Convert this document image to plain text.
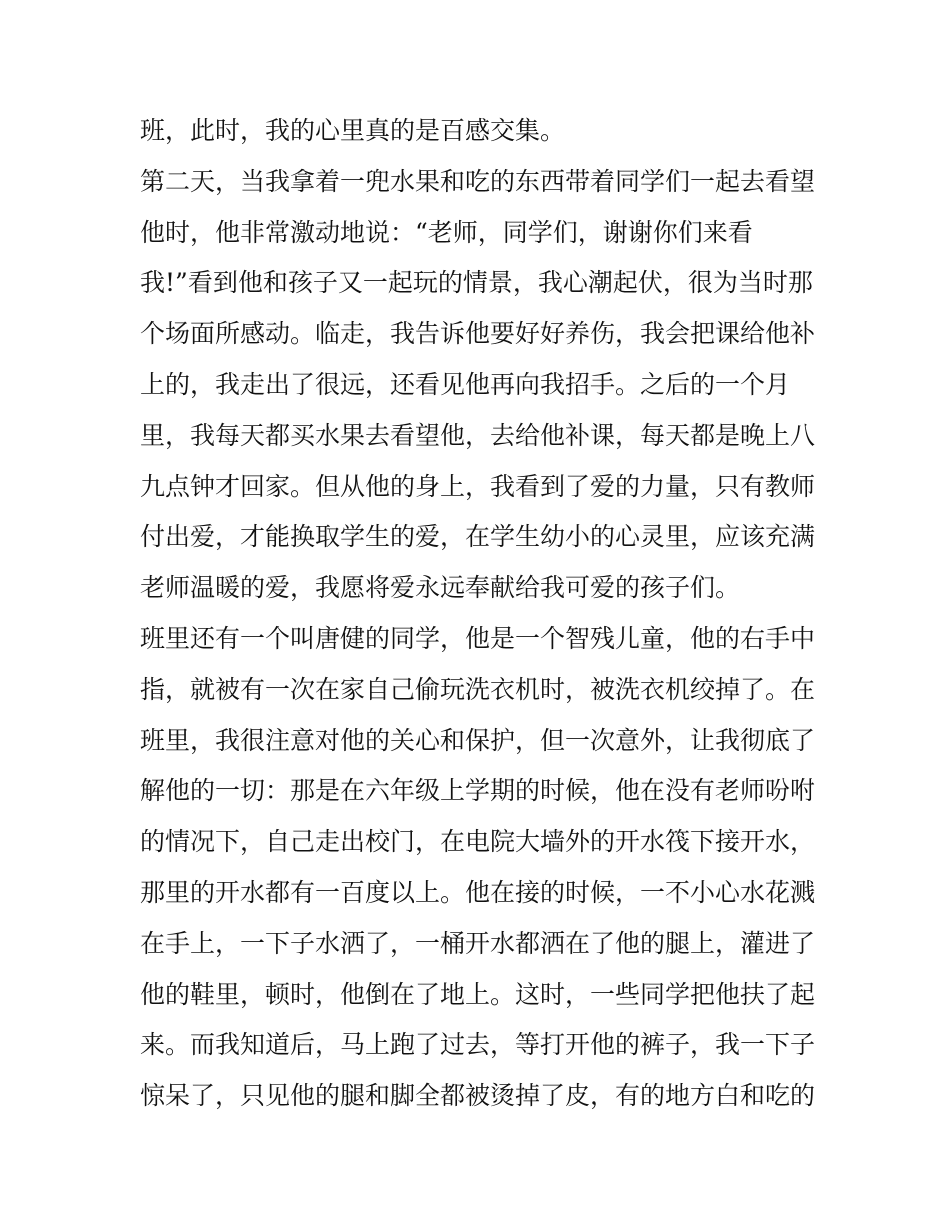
班，此时，我的心里真的是百感交集。
第二天，当我拿着一兜水果和吃的东西带着同学们一起去看望
他时，他非常激动地说：“老师，同学们，谢谢你们来看
我!”看到他和孩子又一起玩的情景，我心潮起伏，很为当时那
个场面所感动。临走，我告诉他要好好养伤，我会把课给他补
上的，我走出了很远，还看见他再向我招手。之后的一个月
里，我每天都买水果去看望他，去给他补课，每天都是晚上八
九点钟才回家。但从他的身上，我看到了爱的力量，只有教师
付出爱，才能换取学生的爱，在学生幼小的心灵里，应该充满
老师温暖的爱，我愿将爱永远奉献给我可爱的孩子们。
班里还有一个叫唐健的同学，他是一个智残儿童，他的右手中
指，就被有一次在家自己偷玩洗衣机时，被洗衣机绞掉了。在
班里，我很注意对他的关心和保护，但一次意外，让我彻底了
解他的一切：那是在六年级上学期的时候，他在没有老师吩咐
的情况下，自己走出校门，在电院大墙外的开水筏下接开水，
那里的开水都有一百度以上。他在接的时候，一不小心水花溅
在手上，一下子水洒了，一桶开水都洒在了他的腿上，灌进了
他的鞋里，顿时，他倒在了地上。这时，一些同学把他扶了起
来。而我知道后，马上跑了过去，等打开他的裤子，我一下子
惊呆了，只见他的腿和脚全都被烫掉了皮，有的地方白和吃的
